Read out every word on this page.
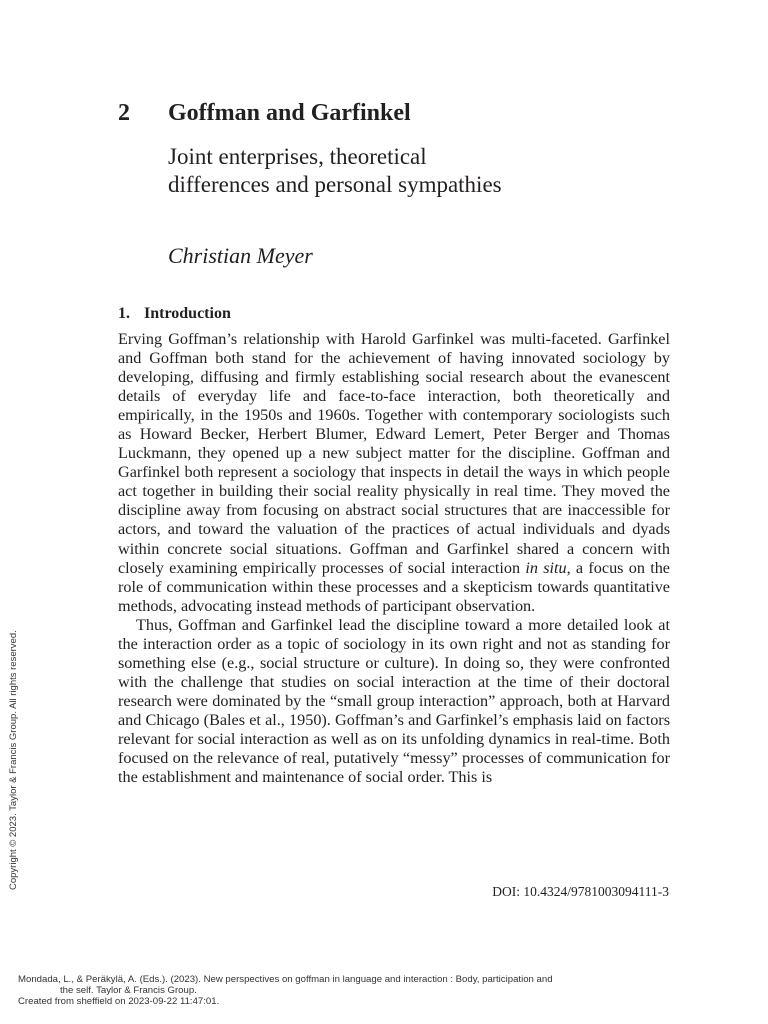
2 Goffman and Garfinkel
Joint enterprises, theoretical differences and personal sympathies
Christian Meyer
1. Introduction

Erving Goffman’s relationship with Harold Garfinkel was multi-faceted. Garfinkel and Goffman both stand for the achievement of having innovated sociology by developing, diffusing and firmly establishing social research about the evanescent details of everyday life and face-to-face interaction, both theoretically and empirically, in the 1950s and 1960s. Together with contemporary sociologists such as Howard Becker, Herbert Blumer, Edward Lemert, Peter Berger and Thomas Luckmann, they opened up a new subject matter for the discipline. Goffman and Garfinkel both represent a sociology that inspects in detail the ways in which people act together in building their social reality physically in real time. They moved the discipline away from focusing on abstract social structures that are inaccessible for actors, and toward the valuation of the practices of actual individuals and dyads within concrete social situations. Goffman and Garfinkel shared a concern with closely examining empirically processes of social interaction in situ, a focus on the role of communication within these processes and a skepticism towards quantitative methods, advocating instead methods of participant observation.

Thus, Goffman and Garfinkel lead the discipline toward a more detailed look at the interaction order as a topic of sociology in its own right and not as standing for something else (e.g., social structure or culture). In doing so, they were confronted with the challenge that studies on social interaction at the time of their doctoral research were dominated by the “small group interaction” approach, both at Harvard and Chicago (Bales et al., 1950). Goffman’s and Garfinkel’s emphasis laid on factors relevant for social interaction as well as on its unfolding dynamics in real-time. Both focused on the relevance of real, putatively “messy” processes of communication for the establishment and maintenance of social order. This is

DOI: 10.4324/9781003094111-3
Copyright © 2023. Taylor & Francis Group. All rights reserved.
Mondada, L., & Peräkylä, A. (Eds.). (2023). New perspectives on goffman in language and interaction : Body, participation and
the self. Taylor & Francis Group.
Created from sheffield on 2023-09-22 11:47:01.
